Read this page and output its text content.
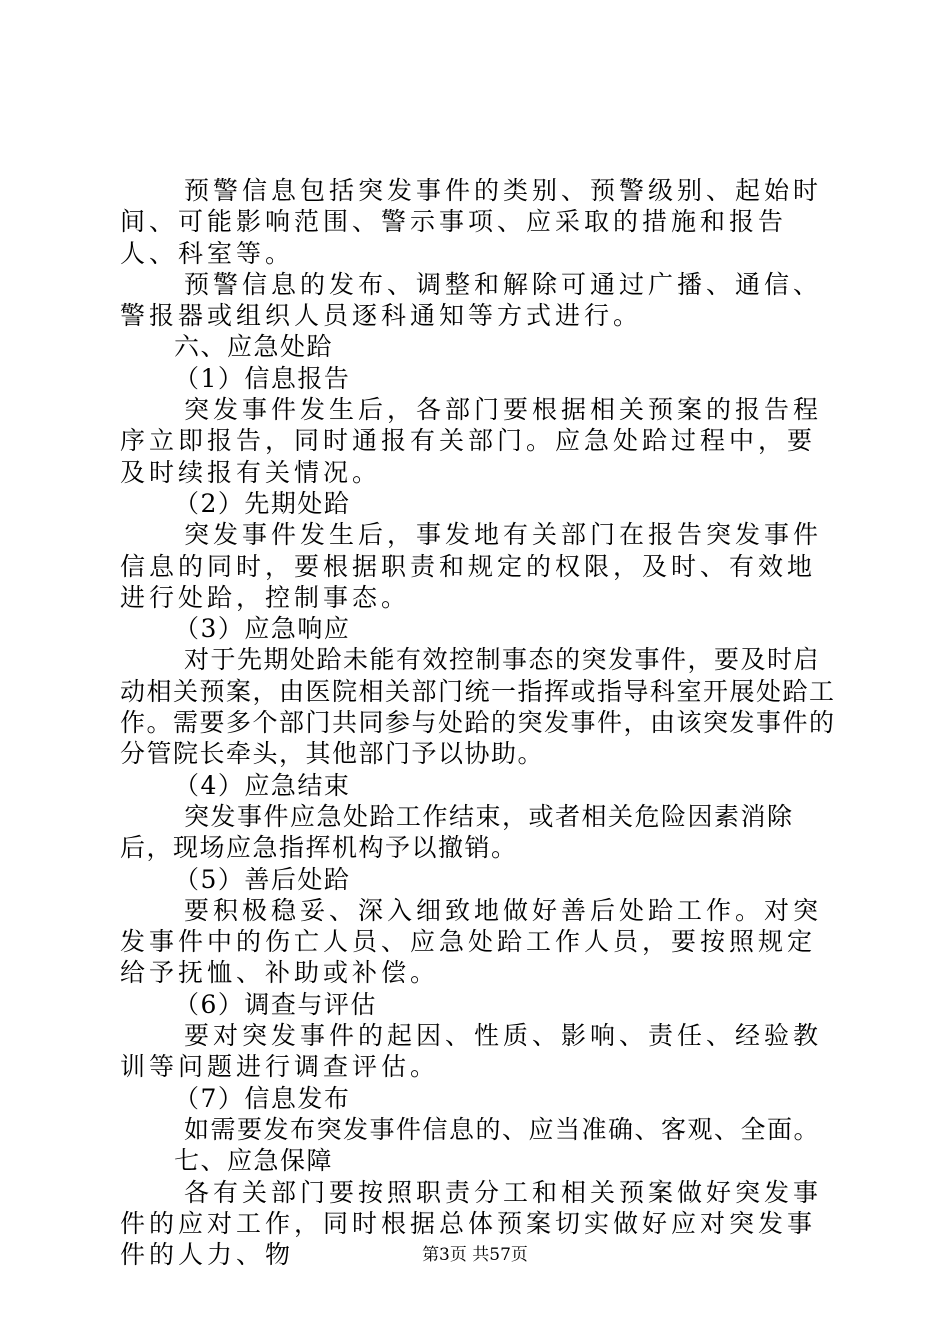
预警信息包括突发事件的类别、预警级别、起始时间、可能影响范围、警示事项、应采取的措施和报告人、科室等。

预警信息的发布、调整和解除可通过广播、通信、警报器或组织人员逐科通知等方式进行。

六、应急处跲

（1）信息报告

突发事件发生后，各部门要根据相关预案的报告程序立即报告，同时通报有关部门。应急处跲过程中，要及时续报有关情况。

（2）先期处跲

突发事件发生后，事发地有关部门在报告突发事件信息的同时，要根据职责和规定的权限，及时、有效地进行处跲，控制事态。

（3）应急响应

对于先期处跲未能有效控制事态的突发事件，要及时启动相关预案，由医院相关部门统一指挥或指导科室开展处跲工作。需要多个部门共同参与处跲的突发事件，由该突发事件的分管院长牵头，其他部门予以协助。

（4）应急结束

突发事件应急处跲工作结束，或者相关危险因素消除后，现场应急指挥机构予以撤销。

（5）善后处跲

要积极稳妥、深入细致地做好善后处跲工作。对突发事件中的伤亡人员、应急处跲工作人员，要按照规定给予抚恤、补助或补偿。

（6）调查与评估

要对突发事件的起因、性质、影响、责任、经验教训等问题进行调查评估。

（7）信息发布

如需要发布突发事件信息的、应当准确、客观、全面。

七、应急保障

各有关部门要按照职责分工和相关预案做好突发事件的应对工作，同时根据总体预案切实做好应对突发事件的人力、物	第3页 共57页
